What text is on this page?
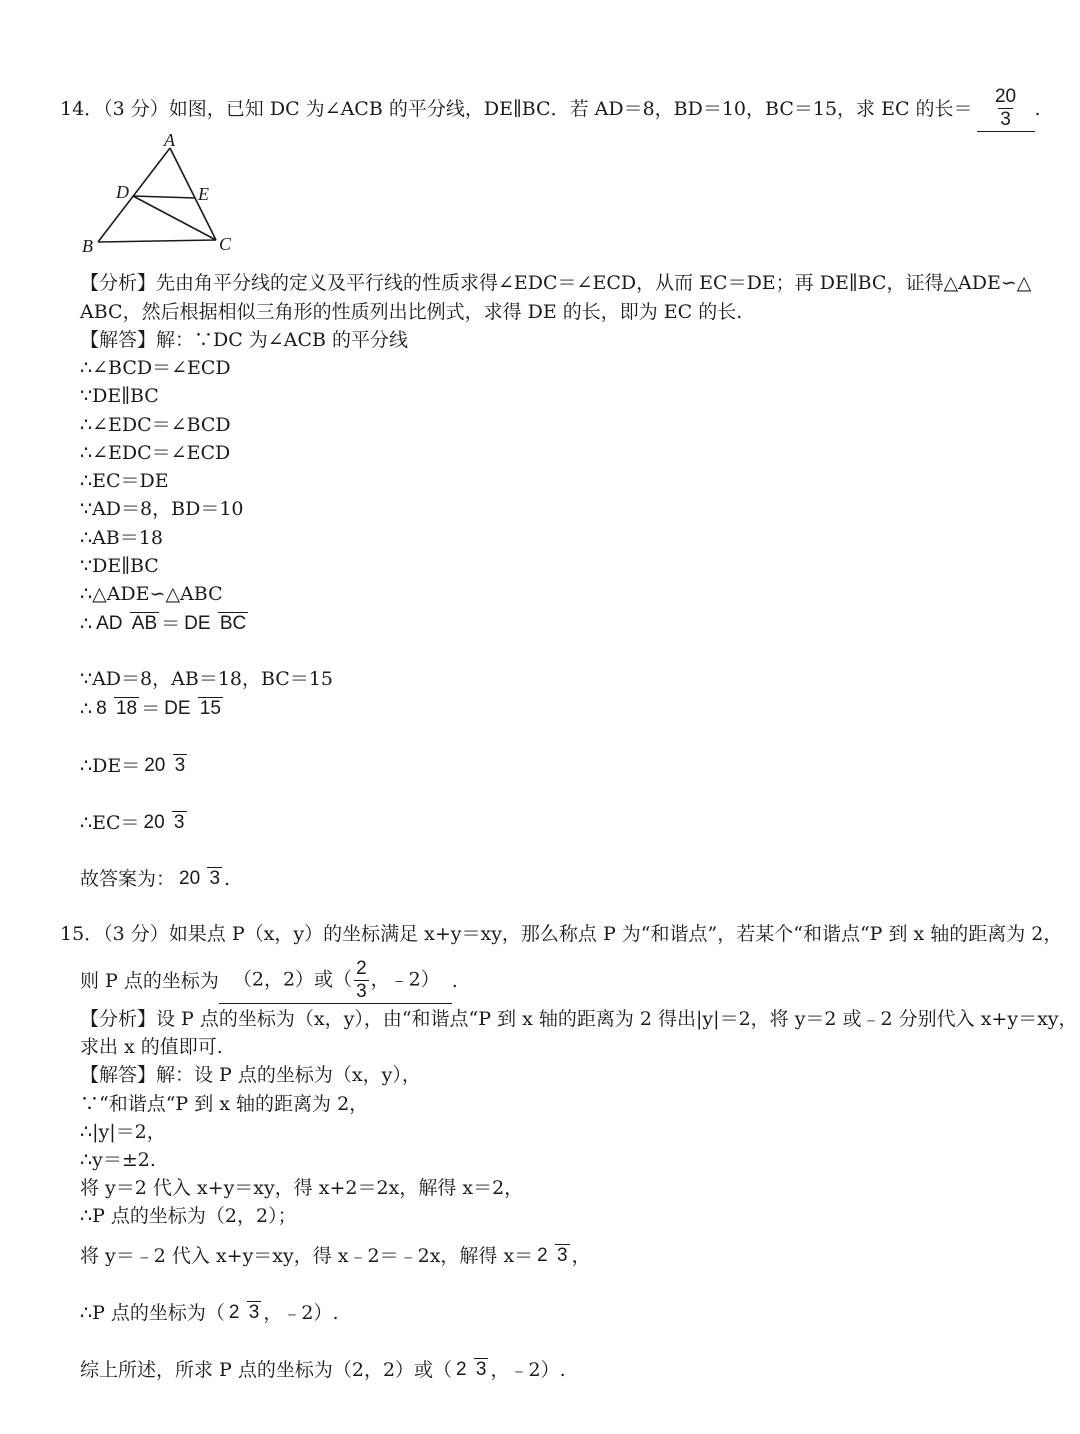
14．（3 分）如图，已知 DC 为∠ACB 的平分线，DE∥BC．若 AD＝8，BD＝10，BC＝15，求 EC 的长＝ $\frac{20}{3}$ .
A
D	E
B	C
【分析】先由角平分线的定义及平行线的性质求得∠EDC＝∠ECD，从而 EC＝DE；再 DE∥BC，证得△ADE∽△
ABC，然后根据相似三角形的性质列出比例式，求得 DE 的长，即为 EC 的长.
【解答】解：∵DC 为∠ACB 的平分线
∴∠BCD＝∠ECD
∵DE∥BC
∴∠EDC＝∠BCD
∴∠EDC＝∠ECD
∴EC＝DE
∵AD＝8，BD＝10
∴AB＝18
∵DE∥BC
∴△ADE∽△ABC
∴ AD AB ＝ DE BC
∵AD＝8，AB＝18，BC＝15
∴ 8 18 ＝ DE 15
∴DE＝ 20 3
∴EC＝ 20 3
故答案为： 20 3 .
15．（3 分）如果点 P（x，y）的坐标满足 x+y＝xy，那么称点 P 为“和谐点”，若某个“和谐点“P 到 x 轴的距离为 2，
则 P 点的坐标为 （2，2）或（ $\frac{2}{3}$ ，﹣2） .
【分析】设 P 点的坐标为（x，y），由“和谐点“P 到 x 轴的距离为 2 得出|y|＝2，将 y＝2 或﹣2 分别代入 x+y＝xy，
求出 x 的值即可.
【解答】解：设 P 点的坐标为（x，y），
∵“和谐点“P 到 x 轴的距离为 2，
∴|y|＝2，
∴y＝±2.
将 y＝2 代入 x+y＝xy，得 x+2＝2x，解得 x＝2，
∴P 点的坐标为（2，2）；
将 y＝﹣2 代入 x+y＝xy，得 x﹣2＝﹣2x，解得 x＝ 2 3 ，
∴P 点的坐标为（ 2 3 ，﹣2）.
综上所述，所求 P 点的坐标为（2，2）或（ 2 3 ，﹣2）.
